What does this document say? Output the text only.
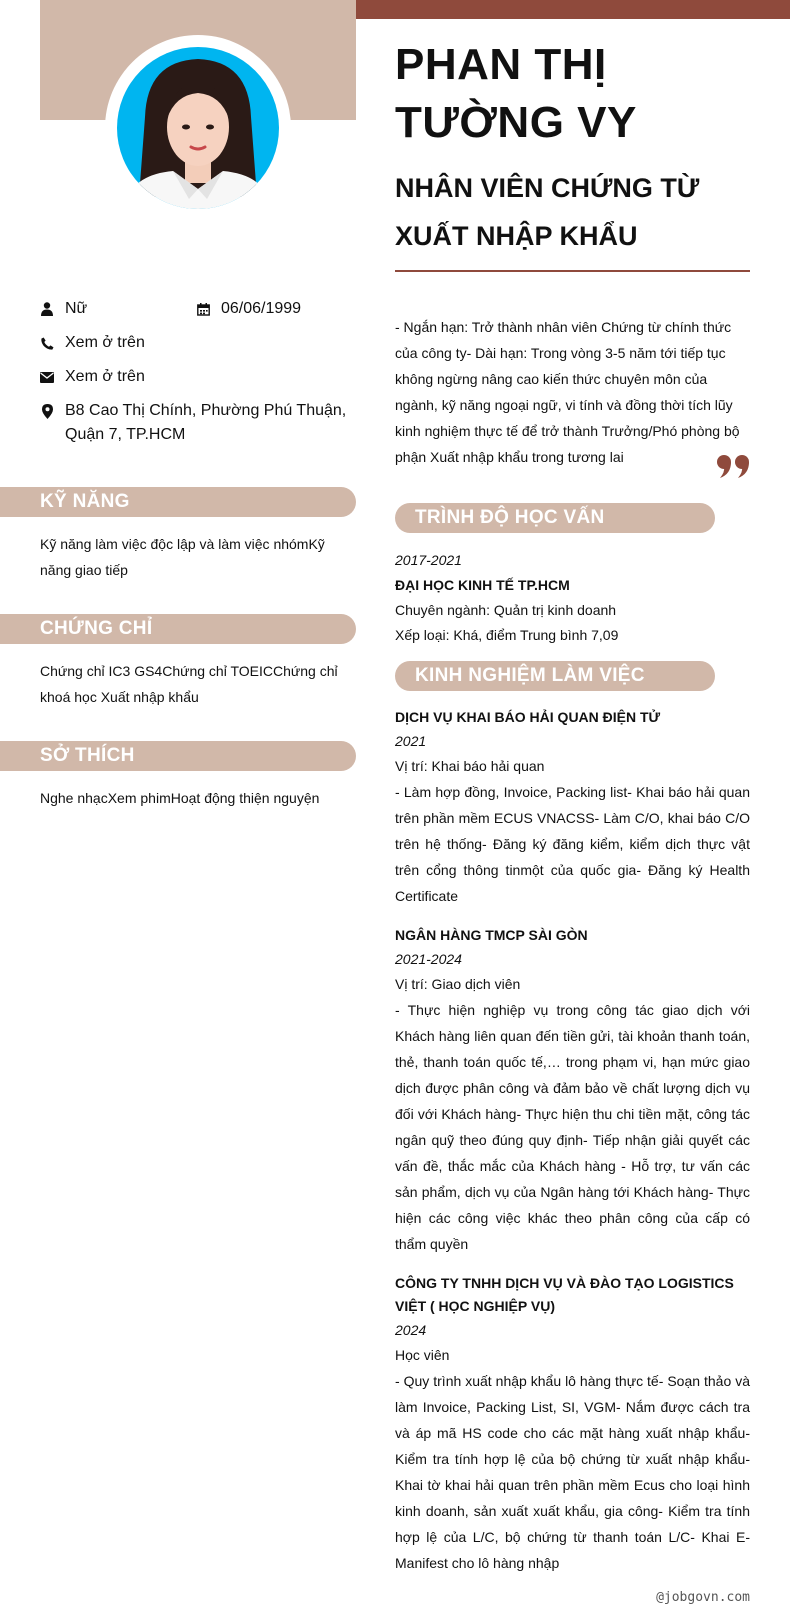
PHAN THỊ TƯỜNG VY
NHÂN VIÊN CHỨNG TỪ XUẤT NHẬP KHẨU
Nữ	06/06/1999
Xem ở trên
Xem ở trên
B8 Cao Thị Chính, Phường Phú Thuận, Quận 7, TP.HCM
KỸ NĂNG
Kỹ năng làm việc độc lập và làm việc nhómKỹ năng giao tiếp
CHỨNG CHỈ
Chứng chỉ IC3 GS4Chứng chỉ TOEICChứng chỉ khoá học Xuất nhập khẩu
SỞ THÍCH
Nghe nhạcXem phimHoạt động thiện nguyện
- Ngắn hạn: Trở thành nhân viên Chứng từ chính thức của công ty- Dài hạn: Trong vòng 3-5 năm tới tiếp tục không ngừng nâng cao kiến thức chuyên môn của ngành, kỹ năng ngoại ngữ, vi tính và đồng thời tích lũy kinh nghiệm thực tế để trở thành Trưởng/Phó phòng bộ phận Xuất nhập khẩu trong tương lai
TRÌNH ĐỘ HỌC VẤN
2017-2021
ĐẠI HỌC KINH TẾ TP.HCM
Chuyên ngành: Quản trị kinh doanh
Xếp loại: Khá, điểm Trung bình 7,09
KINH NGHIỆM LÀM VIỆC
DỊCH VỤ KHAI BÁO HẢI QUAN ĐIỆN TỬ
2021
Vị trí: Khai báo hải quan
- Làm hợp đồng, Invoice, Packing list- Khai báo hải quan trên phần mềm ECUS VNACSS- Làm C/O, khai báo C/O trên hệ thống- Đăng ký đăng kiểm, kiểm dịch thực vật trên cổng thông tinmột của quốc gia- Đăng ký Health Certificate
NGÂN HÀNG TMCP SÀI GÒN
2021-2024
Vị trí: Giao dịch viên
- Thực hiện nghiệp vụ trong công tác giao dịch với Khách hàng liên quan đến tiền gửi, tài khoản thanh toán, thẻ, thanh toán quốc tế,… trong phạm vi, hạn mức giao dịch được phân công và đảm bảo về chất lượng dịch vụ đối với Khách hàng- Thực hiện thu chi tiền mặt, công tác ngân quỹ theo đúng quy định- Tiếp nhận giải quyết các vấn đề, thắc mắc của Khách hàng - Hỗ trợ, tư vấn các sản phẩm, dịch vụ của Ngân hàng tới Khách hàng- Thực hiện các công việc khác theo phân công của cấp có thẩm quyền
CÔNG TY TNHH DỊCH VỤ VÀ ĐÀO TẠO LOGISTICS VIỆT ( HỌC NGHIỆP VỤ)
2024
Học viên
- Quy trình xuất nhập khẩu lô hàng thực tế- Soạn thảo và làm Invoice, Packing List, SI, VGM- Nắm được cách tra và áp mã HS code cho các mặt hàng xuất nhập khẩu- Kiểm tra tính hợp lệ của bộ chứng từ xuất nhập khẩu- Khai tờ khai hải quan trên phần mềm Ecus cho loại hình kinh doanh, sản xuất xuất khẩu, gia công- Kiểm tra tính hợp lệ của L/C, bộ chứng từ thanh toán L/C- Khai E-Manifest cho lô hàng nhập
@jobgovn.com
